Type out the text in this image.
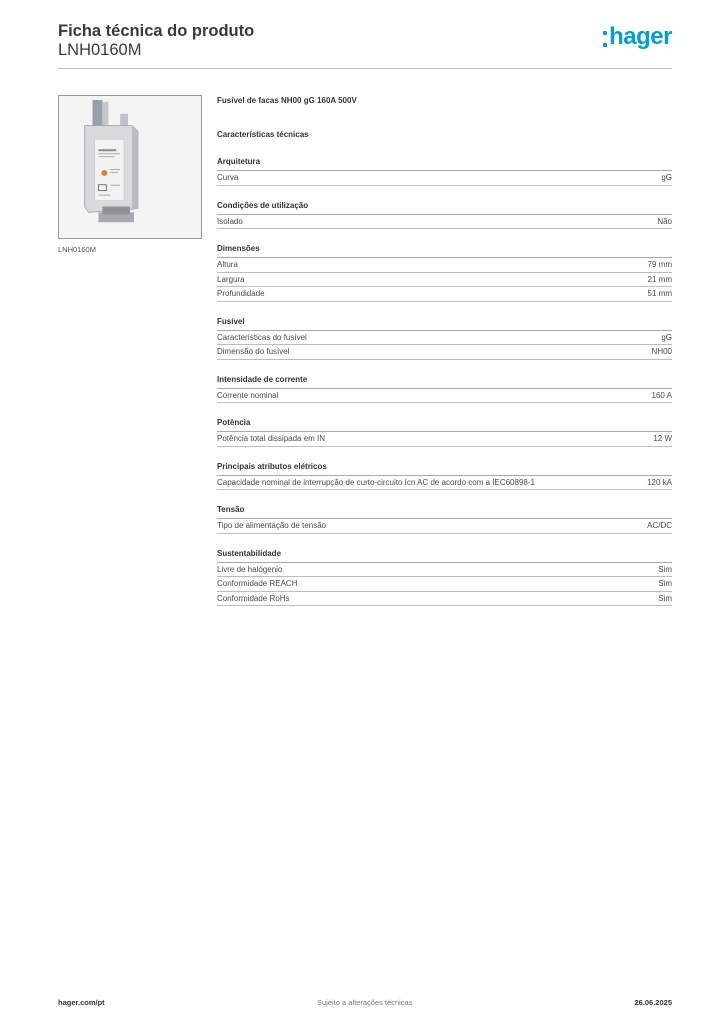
Ficha técnica do produto
LNH0160M	hager
LNH0160M
Fusível de facas NH00 gG 160A 500V
Características técnicas
Arquitetura
Curva	gG
Condições de utilização
Isolado	Não
Dimensões
Altura	79 mm
Largura	21 mm
Profundidade	51 mm
Fusível
Características do fusível	gG
Dimensão do fusível	NH00
Intensidade de corrente
Corrente nominal	160 A
Potência
Potência total dissipada em IN	12 W
Principais atributos elétricos
Capacidade nominal de interrupção de curto-circuito Icn AC de acordo com a IEC60898-1	120 kA
Tensão
Tipo de alimentação de tensão	AC/DC
Sustentabilidade
Livre de halógenio	Sim
Conformidade REACH	Sim
Conformidade RoHs	Sim
hager.com/pt	Sujeito a alterações técnicas	26.06.2025
